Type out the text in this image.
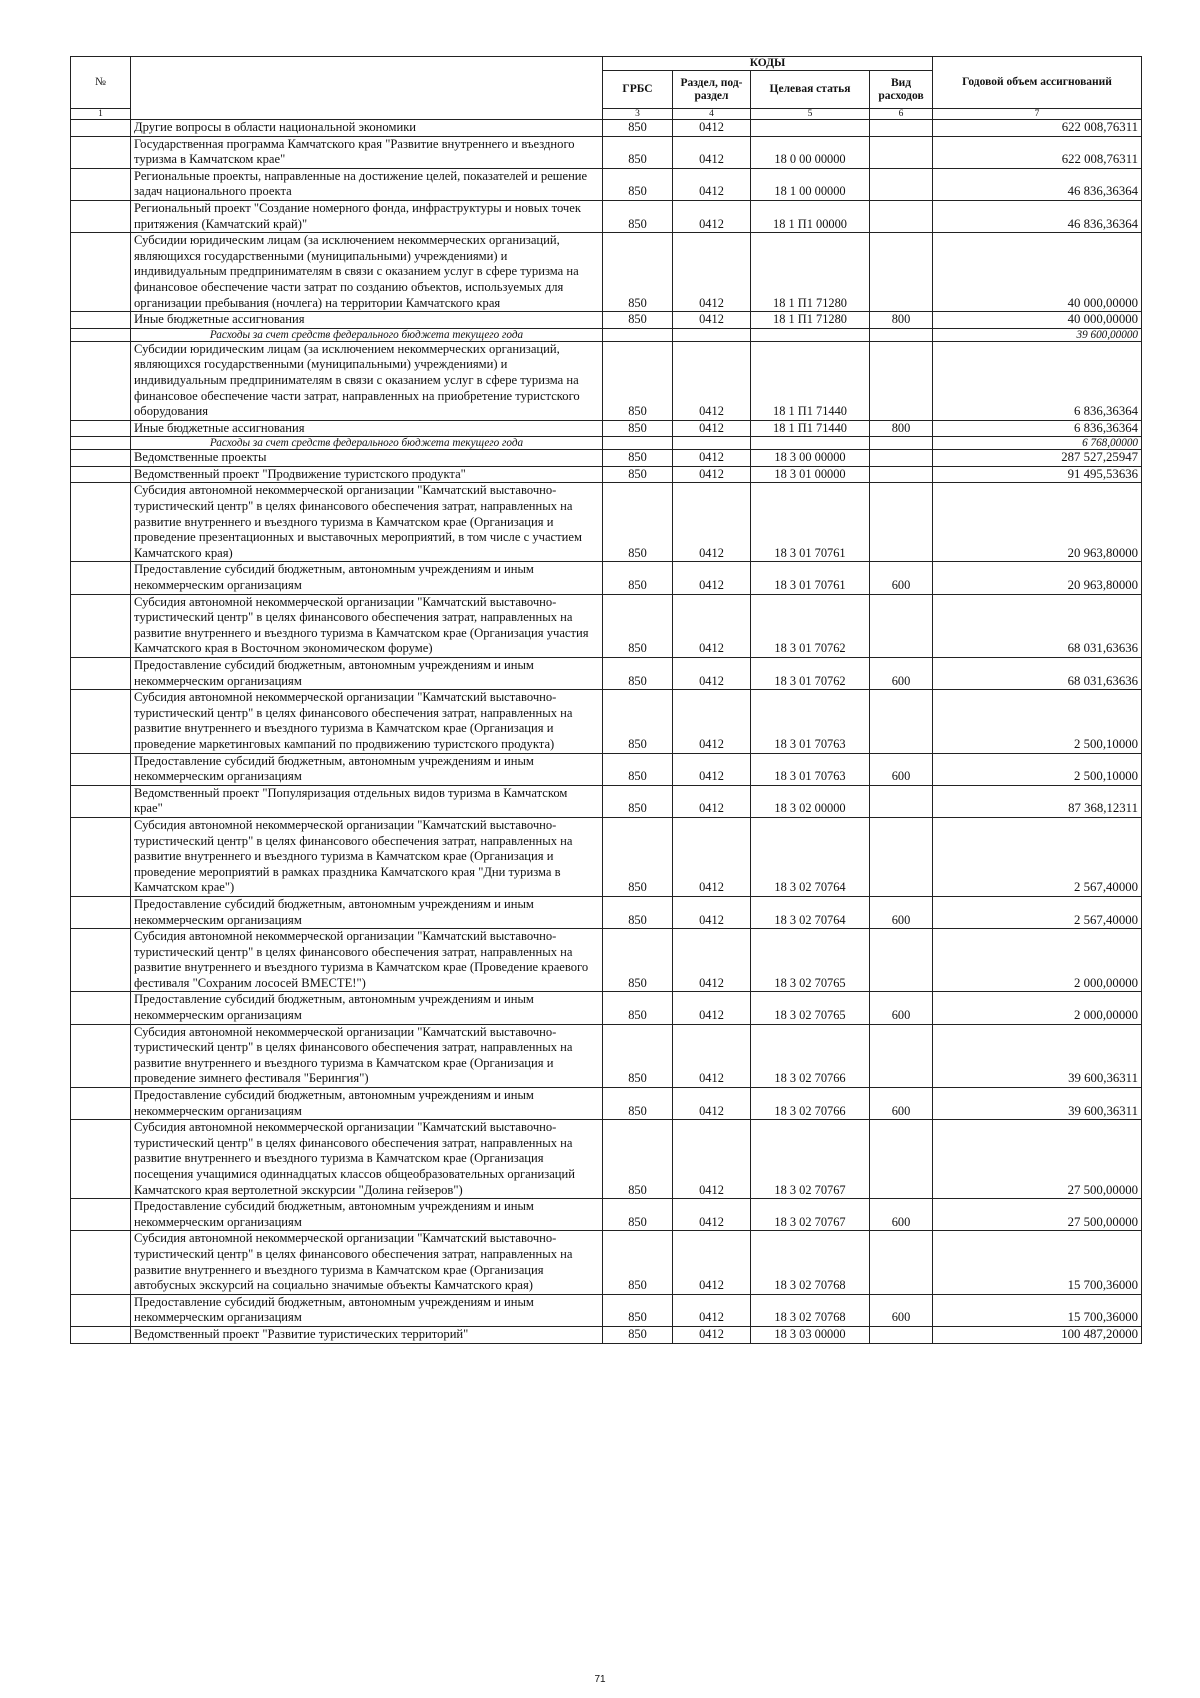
№		КОДЫ				Годовой объем ассигнований
		ГРБС	Раздел, под-раздел	Целевая статья	Вид расходов	
1		3	4	5	6	7
	Другие вопросы в области национальной экономики	850	0412			622 008,76311
	Государственная программа Камчатского края "Развитие внутреннего и въездного туризма в Камчатском крае"	850	0412	18 0 00 00000		622 008,76311
	Региональные проекты, направленные на достижение целей, показателей и решение задач национального проекта	850	0412	18 1 00 00000		46 836,36364
	Региональный проект "Создание номерного фонда, инфраструктуры и новых точек притяжения (Камчатский край)"	850	0412	18 1 П1 00000		46 836,36364
	Субсидии юридическим лицам (за исключением некоммерческих организаций, являющихся государственными (муниципальными) учреждениями) и индивидуальным предпринимателям в связи с оказанием услуг в сфере туризма на финансовое обеспечение части затрат по созданию объектов, используемых для организации пребывания (ночлега) на территории Камчатского края	850	0412	18 1 П1 71280		40 000,00000
	Иные бюджетные ассигнования	850	0412	18 1 П1 71280	800	40 000,00000
	Расходы за счет средств федерального бюджета текущего года					39 600,00000
	Субсидии юридическим лицам (за исключением некоммерческих организаций, являющихся государственными (муниципальными) учреждениями) и индивидуальным предпринимателям в связи с оказанием услуг в сфере туризма на финансовое обеспечение части затрат, направленных на приобретение туристского оборудования	850	0412	18 1 П1 71440		6 836,36364
	Иные бюджетные ассигнования	850	0412	18 1 П1 71440	800	6 836,36364
	Расходы за счет средств федерального бюджета текущего года					6 768,00000
	Ведомственные проекты	850	0412	18 3 00 00000		287 527,25947
	Ведомственный проект "Продвижение туристского продукта"	850	0412	18 3 01 00000		91 495,53636
	Субсидия автономной некоммерческой организации "Камчатский выставочно-туристический центр" в целях финансового обеспечения затрат, направленных на развитие внутреннего и въездного туризма в Камчатском крае (Организация и проведение презентационных и выставочных мероприятий, в том числе с участием Камчатского края)	850	0412	18 3 01 70761		20 963,80000
	Предоставление субсидий бюджетным, автономным учреждениям и иным некоммерческим организациям	850	0412	18 3 01 70761	600	20 963,80000
	Субсидия автономной некоммерческой организации "Камчатский выставочно-туристический центр" в целях финансового обеспечения затрат, направленных на развитие внутреннего и въездного туризма в Камчатском крае (Организация участия Камчатского края в Восточном экономическом форуме)	850	0412	18 3 01 70762		68 031,63636
	Предоставление субсидий бюджетным, автономным учреждениям и иным некоммерческим организациям	850	0412	18 3 01 70762	600	68 031,63636
	Субсидия автономной некоммерческой организации "Камчатский выставочно-туристический центр" в целях финансового обеспечения затрат, направленных на развитие внутреннего и въездного туризма в Камчатском крае (Организация и проведение маркетинговых кампаний по продвижению туристского продукта)	850	0412	18 3 01 70763		2 500,10000
	Предоставление субсидий бюджетным, автономным учреждениям и иным некоммерческим организациям	850	0412	18 3 01 70763	600	2 500,10000
	Ведомственный проект "Популяризация отдельных видов туризма в Камчатском крае"	850	0412	18 3 02 00000		87 368,12311
	Субсидия автономной некоммерческой организации "Камчатский выставочно-туристический центр" в целях финансового обеспечения затрат, направленных на развитие внутреннего и въездного туризма в Камчатском крае (Организация и проведение мероприятий в рамках праздника Камчатского края "Дни туризма в Камчатском крае")	850	0412	18 3 02 70764		2 567,40000
	Предоставление субсидий бюджетным, автономным учреждениям и иным некоммерческим организациям	850	0412	18 3 02 70764	600	2 567,40000
	Субсидия автономной некоммерческой организации "Камчатский выставочно-туристический центр" в целях финансового обеспечения затрат, направленных на развитие внутреннего и въездного туризма в Камчатском крае (Проведение краевого фестиваля "Сохраним лососей ВМЕСТЕ!")	850	0412	18 3 02 70765		2 000,00000
	Предоставление субсидий бюджетным, автономным учреждениям и иным некоммерческим организациям	850	0412	18 3 02 70765	600	2 000,00000
	Субсидия автономной некоммерческой организации "Камчатский выставочно-туристический центр" в целях финансового обеспечения затрат, направленных на развитие внутреннего и въездного туризма в Камчатском крае (Организация и проведение зимнего фестиваля "Берингия")	850	0412	18 3 02 70766		39 600,36311
	Предоставление субсидий бюджетным, автономным учреждениям и иным некоммерческим организациям	850	0412	18 3 02 70766	600	39 600,36311
	Субсидия автономной некоммерческой организации "Камчатский выставочно-туристический центр" в целях финансового обеспечения затрат, направленных на развитие внутреннего и въездного туризма в Камчатском крае (Организация посещения учащимися одиннадцатых классов общеобразовательных организаций Камчатского края вертолетной экскурсии "Долина гейзеров")	850	0412	18 3 02 70767		27 500,00000
	Предоставление субсидий бюджетным, автономным учреждениям и иным некоммерческим организациям	850	0412	18 3 02 70767	600	27 500,00000
	Субсидия автономной некоммерческой организации "Камчатский выставочно-туристический центр" в целях финансового обеспечения затрат, направленных на развитие внутреннего и въездного туризма в Камчатском крае (Организация автобусных экскурсий на социально значимые объекты Камчатского края)	850	0412	18 3 02 70768		15 700,36000
	Предоставление субсидий бюджетным, автономным учреждениям и иным некоммерческим организациям	850	0412	18 3 02 70768	600	15 700,36000
	Ведомственный проект "Развитие туристических территорий"	850	0412	18 3 03 00000		100 487,20000
71
